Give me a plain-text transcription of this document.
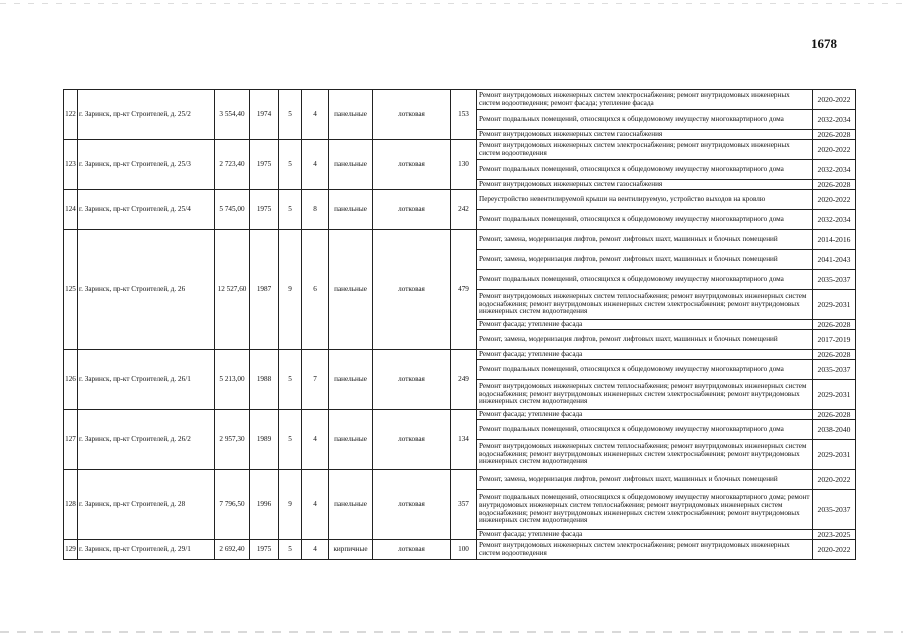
1678
122	г. Заринск, пр-кт Строителей, д. 25/2	3 554,40	1974	5	4	панельные	лотковая	153	Ремонт внутридомовых инженерных систем электроснабжения; ремонт внутридомовых инженерных систем водоотведения; ремонт фасада; утепление фасада	2020-2022
									Ремонт подвальных помещений, относящихся к общедомовому имуществу многоквартирного дома	2032-2034
									Ремонт внутридомовых инженерных систем газоснабжения	2026-2028
123	г. Заринск, пр-кт Строителей, д. 25/3	2 723,40	1975	5	4	панельные	лотковая	130	Ремонт внутридомовых инженерных систем электроснабжения; ремонт внутридомовых инженерных систем водоотведения	2020-2022
									Ремонт подвальных помещений, относящихся к общедомовому имуществу многоквартирного дома	2032-2034
									Ремонт внутридомовых инженерных систем газоснабжения	2026-2028
124	г. Заринск, пр-кт Строителей, д. 25/4	5 745,00	1975	5	8	панельные	лотковая	242	Переустройство невентилируемой крыши на вентилируемую, устройство выходов на кровлю	2020-2022
									Ремонт подвальных помещений, относящихся к общедомовому имуществу многоквартирного дома	2032-2034
125	г. Заринск, пр-кт Строителей, д. 26	12 527,60	1987	9	6	панельные	лотковая	479	Ремонт, замена, модернизация лифтов, ремонт лифтовых шахт, машинных и блочных помещений	2014-2016
									Ремонт, замена, модернизация лифтов, ремонт лифтовых шахт, машинных и блочных помещений	2041-2043
									Ремонт подвальных помещений, относящихся к общедомовому имуществу многоквартирного дома	2035-2037
									Ремонт внутридомовых инженерных систем теплоснабжения; ремонт внутридомовых инженерных систем водоснабжения; ремонт внутридомовых инженерных систем электроснабжения; ремонт внутридомовых инженерных систем водоотведения	2029-2031
									Ремонт фасада; утепление фасада	2026-2028
									Ремонт, замена, модернизация лифтов, ремонт лифтовых шахт, машинных и блочных помещений	2017-2019
126	г. Заринск, пр-кт Строителей, д. 26/1	5 213,00	1988	5	7	панельные	лотковая	249	Ремонт фасада; утепление фасада	2026-2028
									Ремонт подвальных помещений, относящихся к общедомовому имуществу многоквартирного дома	2035-2037
									Ремонт внутридомовых инженерных систем теплоснабжения; ремонт внутридомовых инженерных систем водоснабжения; ремонт внутридомовых инженерных систем электроснабжения; ремонт внутридомовых инженерных систем водоотведения	2029-2031
127	г. Заринск, пр-кт Строителей, д. 26/2	2 957,30	1989	5	4	панельные	лотковая	134	Ремонт фасада; утепление фасада	2026-2028
									Ремонт подвальных помещений, относящихся к общедомовому имуществу многоквартирного дома	2038-2040
									Ремонт внутридомовых инженерных систем теплоснабжения; ремонт внутридомовых инженерных систем водоснабжения; ремонт внутридомовых инженерных систем электроснабжения; ремонт внутридомовых инженерных систем водоотведения	2029-2031
128	г. Заринск, пр-кт Строителей, д. 28	7 796,50	1996	9	4	панельные	лотковая	357	Ремонт, замена, модернизация лифтов, ремонт лифтовых шахт, машинных и блочных помещений	2020-2022
									Ремонт подвальных помещений, относящихся к общедомовому имуществу многоквартирного дома; ремонт внутридомовых инженерных систем теплоснабжения; ремонт внутридомовых инженерных систем водоснабжения; ремонт внутридомовых инженерных систем электроснабжения; ремонт внутридомовых инженерных систем водоотведения	2035-2037
									Ремонт фасада; утепление фасада	2023-2025
129	г. Заринск, пр-кт Строителей, д. 29/1	2 692,40	1975	5	4	кирпичные	лотковая	100	Ремонт внутридомовых инженерных систем электроснабжения; ремонт внутридомовых инженерных систем водоотведения	2020-2022
